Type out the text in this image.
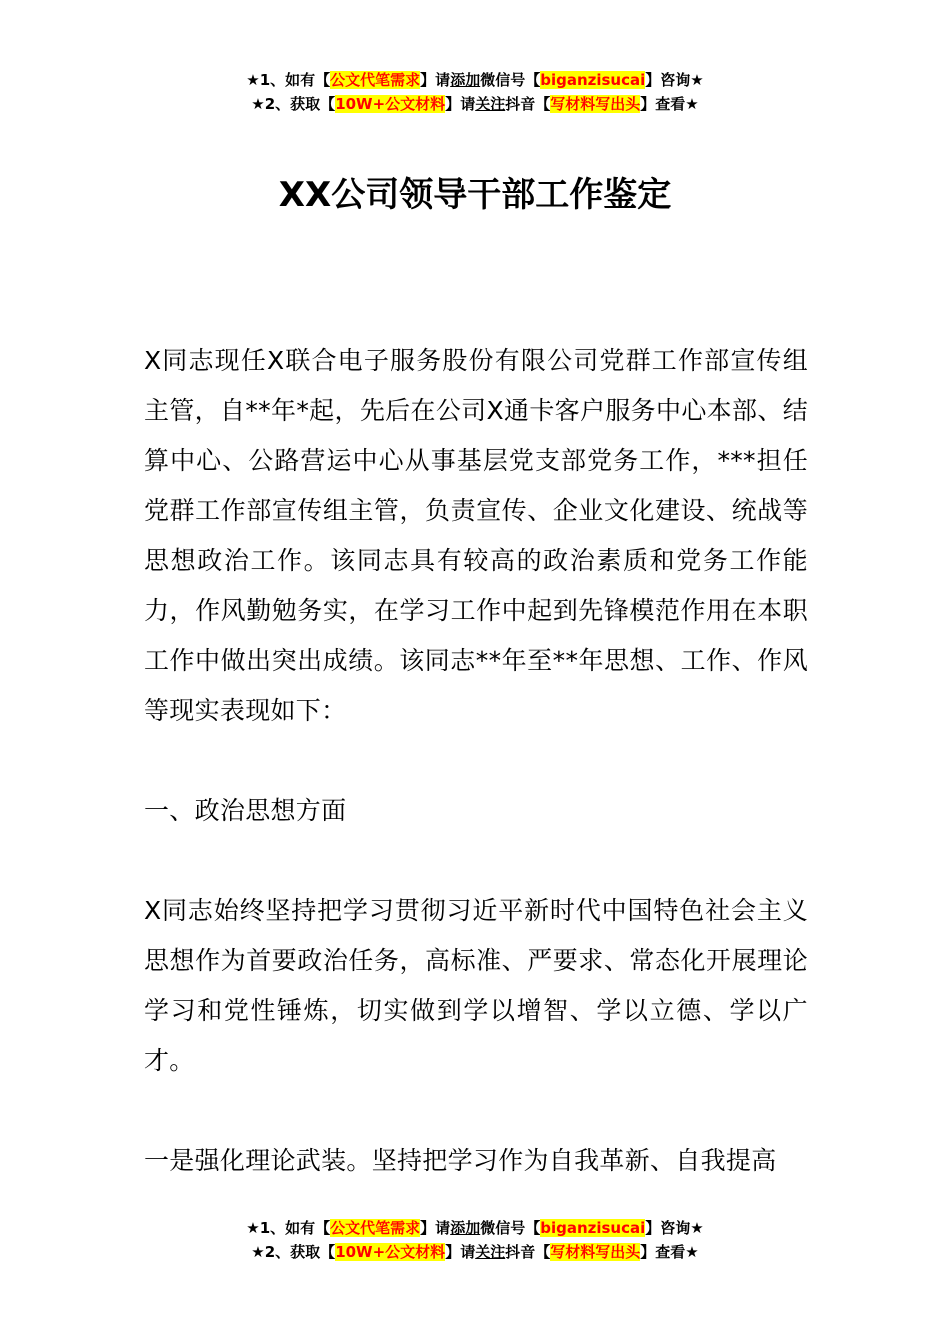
★1、如有【公文代笔需求】请添加微信号【biganzisucai】咨询★
★2、获取【10W+公文材料】请关注抖音【写材料写出头】查看★
XX公司领导干部工作鉴定

X同志现任X联合电子服务股份有限公司党群工作部宣传组主管，自**年*起，先后在公司X通卡客户服务中心本部、结算中心、公路营运中心从事基层党支部党务工作，***担任党群工作部宣传组主管，负责宣传、企业文化建设、统战等思想政治工作。该同志具有较高的政治素质和党务工作能力，作风勤勉务实，在学习工作中起到先锋模范作用在本职工作中做出突出成绩。该同志**年至**年思想、工作、作风等现实表现如下：

一、政治思想方面

X同志始终坚持把学习贯彻习近平新时代中国特色社会主义思想作为首要政治任务，高标准、严要求、常态化开展理论学习和党性锤炼，切实做到学以增智、学以立德、学以广才。

一是强化理论武装。坚持把学习作为自我革新、自我提高

★1、如有【公文代笔需求】请添加微信号【biganzisucai】咨询★
★2、获取【10W+公文材料】请关注抖音【写材料写出头】查看★
